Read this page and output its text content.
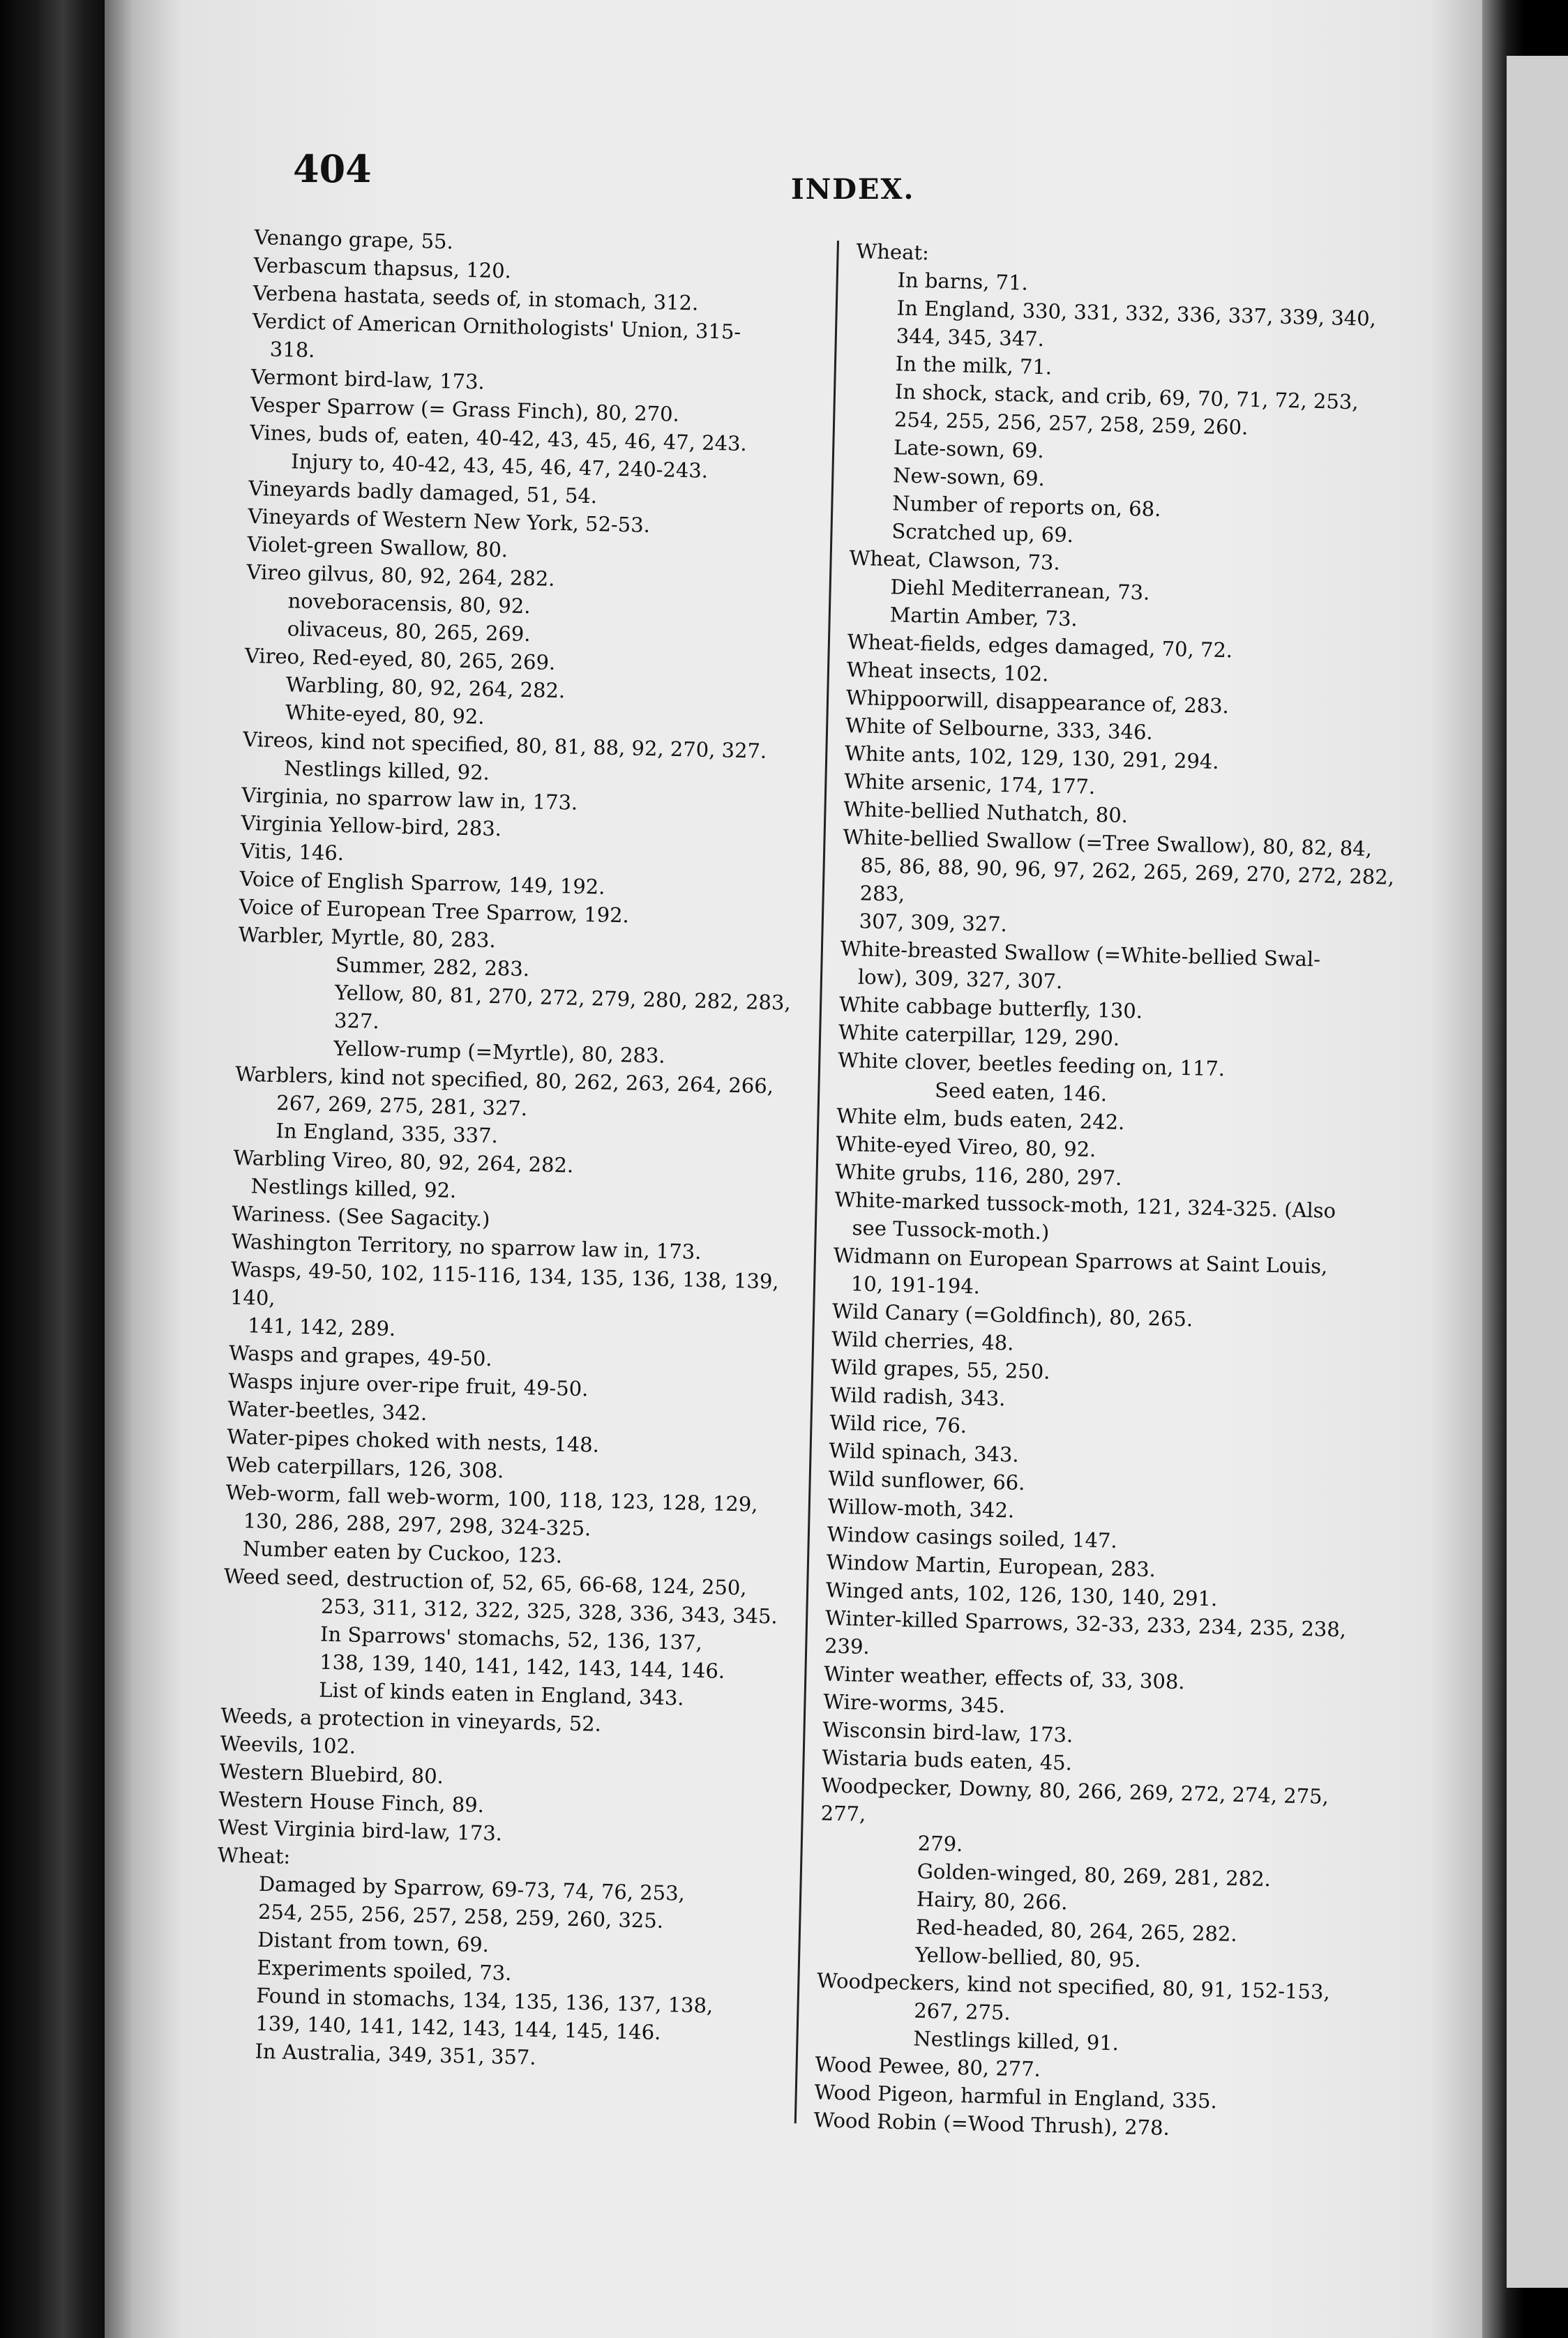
404	INDEX.
Venango grape, 55.
Verbascum thapsus, 120.
Verbena hastata, seeds of, in stomach, 312.
Verdict of American Ornithologists' Union, 315-
318.
Vermont bird-law, 173.
Vesper Sparrow (= Grass Finch), 80, 270.
Vines, buds of, eaten, 40-42, 43, 45, 46, 47, 243.
Injury to, 40-42, 43, 45, 46, 47, 240-243.
Vineyards badly damaged, 51, 54.
Vineyards of Western New York, 52-53.
Violet-green Swallow, 80.
Vireo gilvus, 80, 92, 264, 282.
noveboracensis, 80, 92.
olivaceus, 80, 265, 269.
Vireo, Red-eyed, 80, 265, 269.
Warbling, 80, 92, 264, 282.
White-eyed, 80, 92.
Vireos, kind not specified, 80, 81, 88, 92, 270, 327.
Nestlings killed, 92.
Virginia, no sparrow law in, 173.
Virginia Yellow-bird, 283.
Vitis, 146.
Voice of English Sparrow, 149, 192.
Voice of European Tree Sparrow, 192.
Warbler, Myrtle, 80, 283.
Summer, 282, 283.
Yellow, 80, 81, 270, 272, 279, 280, 282, 283,
327.
Yellow-rump (=Myrtle), 80, 283.
Warblers, kind not specified, 80, 262, 263, 264, 266,
267, 269, 275, 281, 327.
In England, 335, 337.
Warbling Vireo, 80, 92, 264, 282.
Nestlings killed, 92.
Wariness. (See Sagacity.)
Washington Territory, no sparrow law in, 173.
Wasps, 49-50, 102, 115-116, 134, 135, 136, 138, 139, 140,
141, 142, 289.
Wasps and grapes, 49-50.
Wasps injure over-ripe fruit, 49-50.
Water-beetles, 342.
Water-pipes choked with nests, 148.
Web caterpillars, 126, 308.
Web-worm, fall web-worm, 100, 118, 123, 128, 129,
130, 286, 288, 297, 298, 324-325.
Number eaten by Cuckoo, 123.
Weed seed, destruction of, 52, 65, 66-68, 124, 250,
253, 311, 312, 322, 325, 328, 336, 343, 345.
In Sparrows' stomachs, 52, 136, 137,
138, 139, 140, 141, 142, 143, 144, 146.
List of kinds eaten in England, 343.
Weeds, a protection in vineyards, 52.
Weevils, 102.
Western Bluebird, 80.
Western House Finch, 89.
West Virginia bird-law, 173.
Wheat:
Damaged by Sparrow, 69-73, 74, 76, 253,
254, 255, 256, 257, 258, 259, 260, 325.
Distant from town, 69.
Experiments spoiled, 73.
Found in stomachs, 134, 135, 136, 137, 138,
139, 140, 141, 142, 143, 144, 145, 146.
In Australia, 349, 351, 357.
Wheat:
In barns, 71.
In England, 330, 331, 332, 336, 337, 339, 340,
344, 345, 347.
In the milk, 71.
In shock, stack, and crib, 69, 70, 71, 72, 253,
254, 255, 256, 257, 258, 259, 260.
Late-sown, 69.
New-sown, 69.
Number of reports on, 68.
Scratched up, 69.
Wheat, Clawson, 73.
Diehl Mediterranean, 73.
Martin Amber, 73.
Wheat-fields, edges damaged, 70, 72.
Wheat insects, 102.
Whippoorwill, disappearance of, 283.
White of Selbourne, 333, 346.
White ants, 102, 129, 130, 291, 294.
White arsenic, 174, 177.
White-bellied Nuthatch, 80.
White-bellied Swallow (=Tree Swallow), 80, 82, 84,
85, 86, 88, 90, 96, 97, 262, 265, 269, 270, 272, 282, 283,
307, 309, 327.
White-breasted Swallow (=White-bellied Swal-
low), 309, 327, 307.
White cabbage butterfly, 130.
White caterpillar, 129, 290.
White clover, beetles feeding on, 117.
Seed eaten, 146.
White elm, buds eaten, 242.
White-eyed Vireo, 80, 92.
White grubs, 116, 280, 297.
White-marked tussock-moth, 121, 324-325. (Also
see Tussock-moth.)
Widmann on European Sparrows at Saint Louis,
10, 191-194.
Wild Canary (=Goldfinch), 80, 265.
Wild cherries, 48.
Wild grapes, 55, 250.
Wild radish, 343.
Wild rice, 76.
Wild spinach, 343.
Wild sunflower, 66.
Willow-moth, 342.
Window casings soiled, 147.
Window Martin, European, 283.
Winged ants, 102, 126, 130, 140, 291.
Winter-killed Sparrows, 32-33, 233, 234, 235, 238, 239.
Winter weather, effects of, 33, 308.
Wire-worms, 345.
Wisconsin bird-law, 173.
Wistaria buds eaten, 45.
Woodpecker, Downy, 80, 266, 269, 272, 274, 275, 277,
279.
Golden-winged, 80, 269, 281, 282.
Hairy, 80, 266.
Red-headed, 80, 264, 265, 282.
Yellow-bellied, 80, 95.
Woodpeckers, kind not specified, 80, 91, 152-153,
267, 275.
Nestlings killed, 91.
Wood Pewee, 80, 277.
Wood Pigeon, harmful in England, 335.
Wood Robin (=Wood Thrush), 278.
